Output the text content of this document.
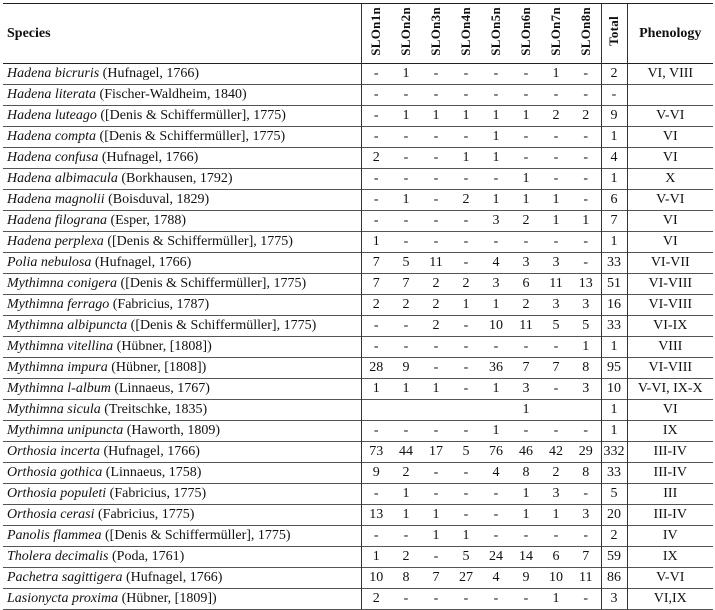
Species	SLOn1n	SLOn2n	SLOn3n	SLOn4n	SLOn5n	SLOn6n	SLOn7n	SLOn8n	Total	Phenology
Hadena bicruris (Hufnagel, 1766)	-	1	-	-	-	-	1	-	2	VI, VIII
Hadena literata (Fischer-Waldheim, 1840)	-	-	-	-	-	-	-	-	-	
Hadena luteago ([Denis & Schiffermüller], 1775)	-	1	1	1	1	1	2	2	9	V-VI
Hadena compta ([Denis & Schiffermüller], 1775)	-	-	-	-	1	-	-	-	1	VI
Hadena confusa (Hufnagel, 1766)	2	-	-	1	1	-	-	-	4	VI
Hadena albimacula (Borkhausen, 1792)	-	-	-	-	-	1	-	-	1	X
Hadena magnolii (Boisduval, 1829)	-	1	-	2	1	1	1	-	6	V-VI
Hadena filograna (Esper, 1788)	-	-	-	-	3	2	1	1	7	VI
Hadena perplexa ([Denis & Schiffermüller], 1775)	1	-	-	-	-	-	-	-	1	VI
Polia nebulosa (Hufnagel, 1766)	7	5	11	-	4	3	3	-	33	VI-VII
Mythimna conigera ([Denis & Schiffermüller], 1775)	7	7	2	2	3	6	11	13	51	VI-VIII
Mythimna ferrago (Fabricius, 1787)	2	2	2	1	1	2	3	3	16	VI-VIII
Mythimna albipuncta ([Denis & Schiffermüller], 1775)	-	-	2	-	10	11	5	5	33	VI-IX
Mythimna vitellina (Hübner, [1808])	-	-	-	-	-	-	-	1	1	VIII
Mythimna impura (Hübner, [1808])	28	9	-	-	36	7	7	8	95	VI-VIII
Mythimna l-album (Linnaeus, 1767)	1	1	1	-	1	3	-	3	10	V-VI, IX-X
Mythimna sicula (Treitschke, 1835)						1			1	VI
Mythimna unipuncta (Haworth, 1809)	-	-	-	-	1	-	-	-	1	IX
Orthosia incerta (Hufnagel, 1766)	73	44	17	5	76	46	42	29	332	III-IV
Orthosia gothica (Linnaeus, 1758)	9	2	-	-	4	8	2	8	33	III-IV
Orthosia populeti (Fabricius, 1775)	-	1	-	-	-	1	3	-	5	III
Orthosia cerasi (Fabricius, 1775)	13	1	1	-	-	1	1	3	20	III-IV
Panolis flammea ([Denis & Schiffermüller], 1775)	-	-	1	1	-	-	-	-	2	IV
Tholera decimalis (Poda, 1761)	1	2	-	5	24	14	6	7	59	IX
Pachetra sagittigera (Hufnagel, 1766)	10	8	7	27	4	9	10	11	86	V-VI
Lasionycta proxima (Hübner, [1809])	2	-	-	-	-	-	1	-	3	VI,IX
